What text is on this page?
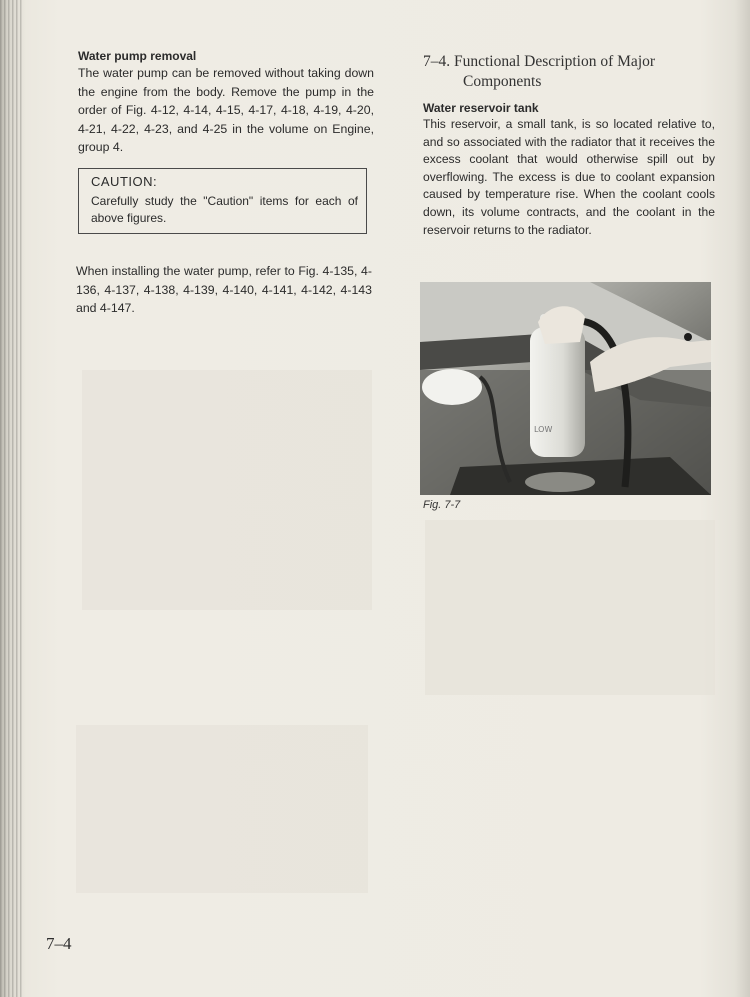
Water pump removal

The water pump can be removed without taking down the engine from the body. Remove the pump in the order of Fig. 4-12, 4-14, 4-15, 4-17, 4-18, 4-19, 4-20, 4-21, 4-22, 4-23, and 4-25 in the volume on Engine, group 4.

CAUTION:

Carefully study the "Caution" items for each of above figures.

When installing the water pump, refer to Fig. 4-135, 4-136, 4-137, 4-138, 4-139, 4-140, 4-141, 4-142, 4-143 and 4-147.

7–4. Functional Description of Major
Components

Water reservoir tank

This reservoir, a small tank, is so located relative to, and so associated with the radiator that it receives the excess coolant that would otherwise spill out by overflowing. The excess is due to coolant expansion caused by temperature rise. When the coolant cools down, its volume contracts, and the coolant in the reservoir returns to the radiator.

LOW
Fig. 7-7
7–4
